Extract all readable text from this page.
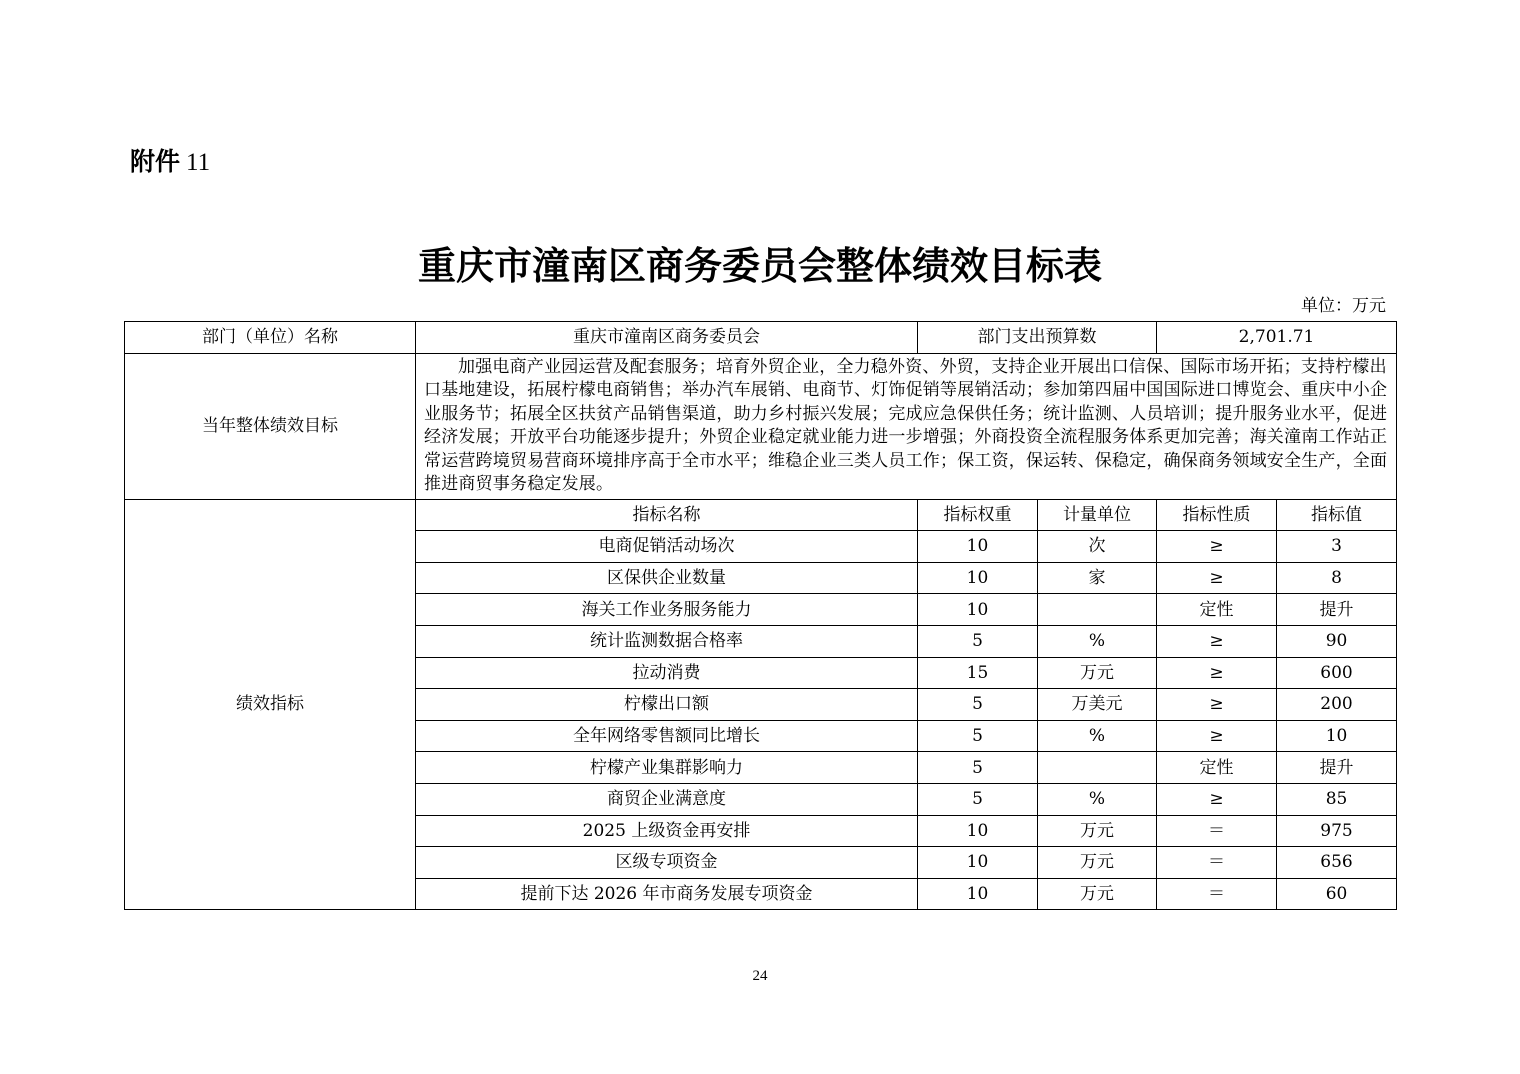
附件 11
重庆市潼南区商务委员会整体绩效目标表
单位：万元
部门（单位）名称	重庆市潼南区商务委员会	部门支出预算数		2,701.71	
当年整体绩效目标	加强电商产业园运营及配套服务；培育外贸企业，全力稳外资、外贸，支持企业开展出口信保、国际市场开拓；支持柠檬出口基地建设，拓展柠檬电商销售；举办汽车展销、电商节、灯饰促销等展销活动；参加第四届中国国际进口博览会、重庆中小企业服务节；拓展全区扶贫产品销售渠道，助力乡村振兴发展；完成应急保供任务；统计监测、人员培训；提升服务业水平，促进经济发展；开放平台功能逐步提升；外贸企业稳定就业能力进一步增强；外商投资全流程服务体系更加完善；海关潼南工作站正常运营跨境贸易营商环境排序高于全市水平；维稳企业三类人员工作；保工资，保运转、保稳定，确保商务领域安全生产，全面推进商贸事务稳定发展。				
绩效指标	指标名称	指标权重	计量单位	指标性质	指标值
	电商促销活动场次	10	次	≥	3
	区保供企业数量	10	家	≥	8
	海关工作业务服务能力	10		定性	提升
	统计监测数据合格率	5	%	≥	90
	拉动消费	15	万元	≥	600
	柠檬出口额	5	万美元	≥	200
	全年网络零售额同比增长	5	%	≥	10
	柠檬产业集群影响力	5		定性	提升
	商贸企业满意度	5	%	≥	85
	2025 上级资金再安排	10	万元	＝	975
	区级专项资金	10	万元	＝	656
	提前下达 2026 年市商务发展专项资金	10	万元	＝	60
24
